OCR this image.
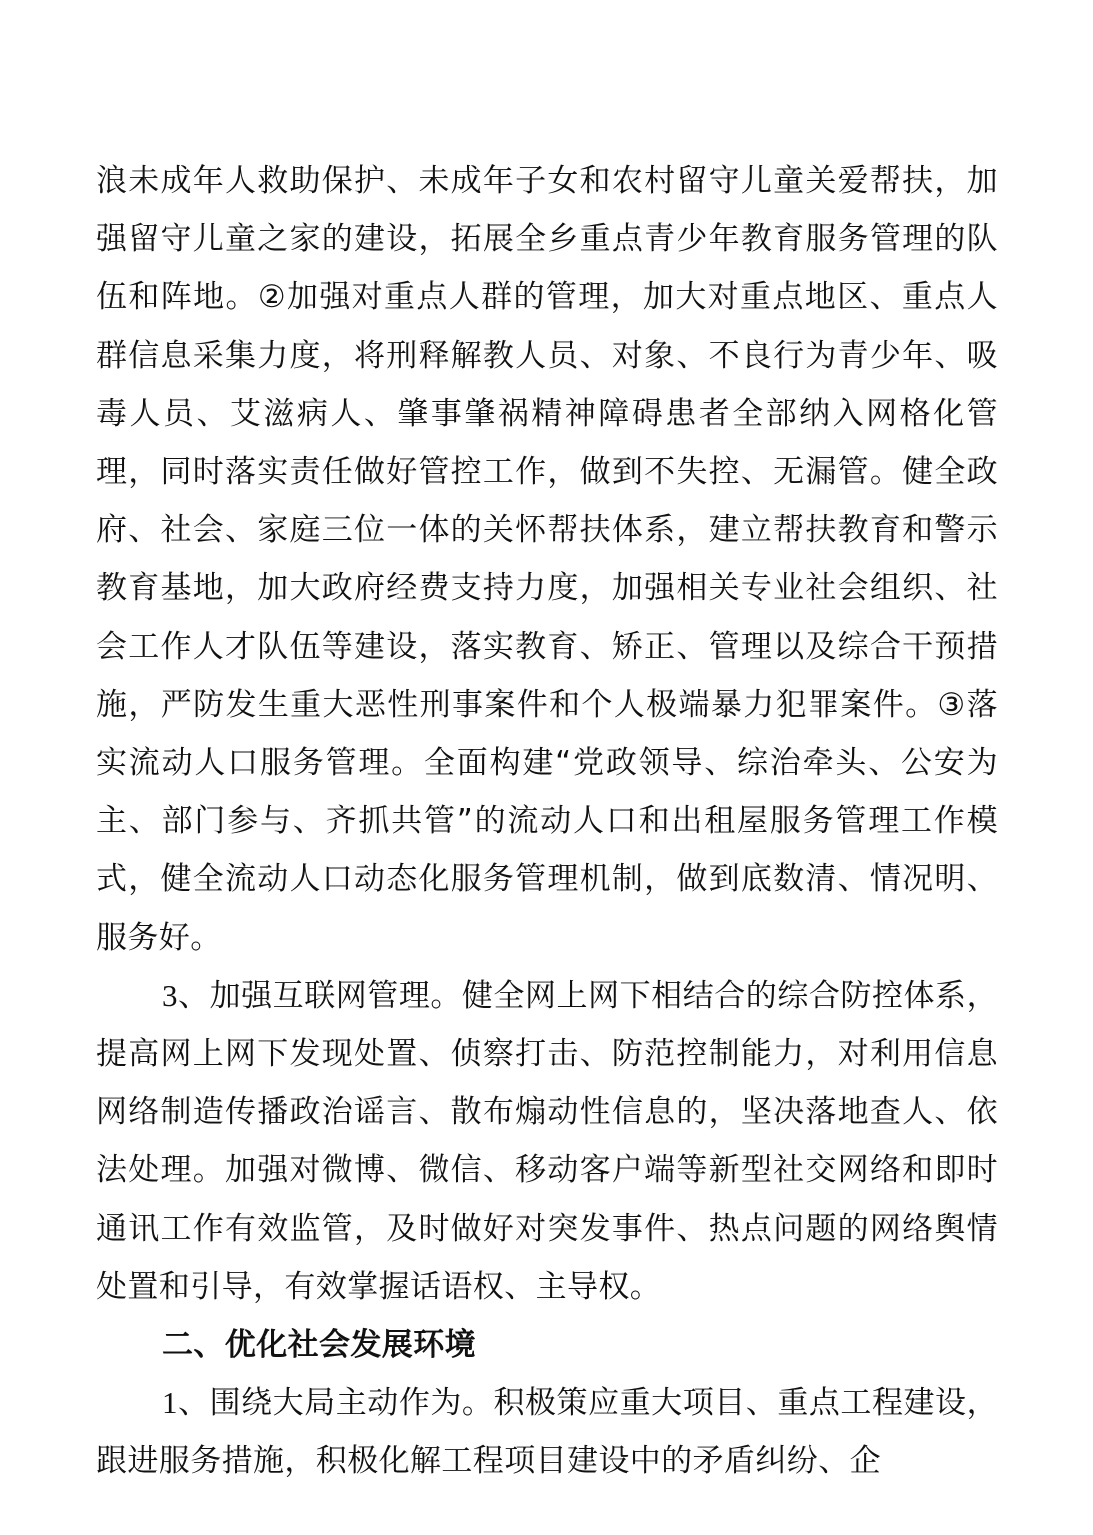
浪未成年人救助保护、未成年子女和农村留守儿童关爱帮扶，加强留守儿童之家的建设，拓展全乡重点青少年教育服务管理的队伍和阵地。②加强对重点人群的管理，加大对重点地区、重点人群信息采集力度，将刑释解教人员、对象、不良行为青少年、吸毒人员、艾滋病人、肇事肇祸精神障碍患者全部纳入网格化管理，同时落实责任做好管控工作，做到不失控、无漏管。健全政府、社会、家庭三位一体的关怀帮扶体系，建立帮扶教育和警示教育基地，加大政府经费支持力度，加强相关专业社会组织、社会工作人才队伍等建设，落实教育、矫正、管理以及综合干预措施，严防发生重大恶性刑事案件和个人极端暴力犯罪案件。③落实流动人口服务管理。全面构建“党政领导、综治牵头、公安为主、部门参与、齐抓共管”的流动人口和出租屋服务管理工作模式，健全流动人口动态化服务管理机制，做到底数清、情况明、服务好。

3、加强互联网管理。健全网上网下相结合的综合防控体系，提高网上网下发现处置、侦察打击、防范控制能力，对利用信息网络制造传播政治谣言、散布煽动性信息的，坚决落地查人、依法处理。加强对微博、微信、移动客户端等新型社交网络和即时通讯工作有效监管，及时做好对突发事件、热点问题的网络舆情处置和引导，有效掌握话语权、主导权。

二、优化社会发展环境

1、围绕大局主动作为。积极策应重大项目、重点工程建设，跟进服务措施，积极化解工程项目建设中的矛盾纠纷、企
